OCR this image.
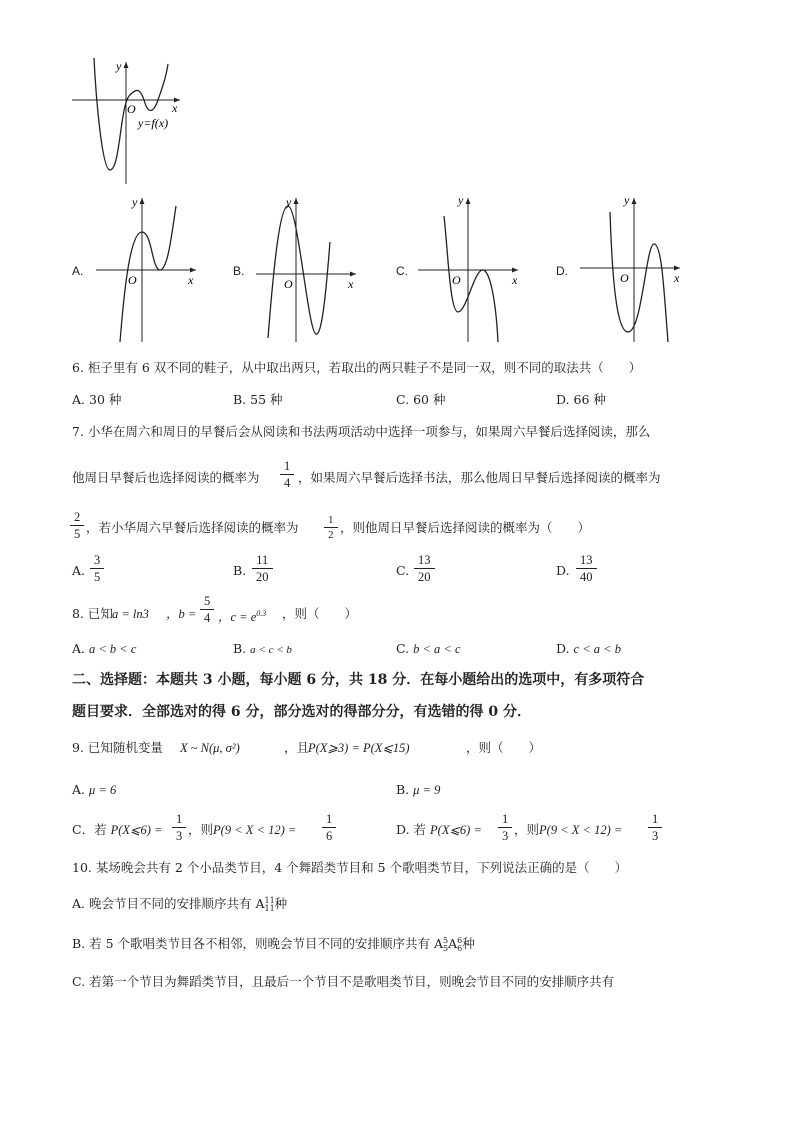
y
x
O
y=f(x)
A.
y
x
O
B.
y
x
O
C.
y
x
O
D.
y
x
O
6. 柜子里有 6 双不同的鞋子，从中取出两只，若取出的两只鞋子不是同一双，则不同的取法共（　　）
A. 30 种	B. 55 种	C. 60 种	D. 66 种
7. 小华在周六和周日的早餐后会从阅读和书法两项活动中选择一项参与，如果周六早餐后选择阅读，那么
他周日早餐后也选择阅读的概率为
1
4 ，如果周六早餐后选择书法，那么他周日早餐后选择阅读的概率为
2
5 ，若小华周六早餐后选择阅读的概率为	1
2 ，则他周日早餐后选择阅读的概率为（　　）
A.
3
5	B.
11
20	C.
13
20	D.
13
40
8. 已知 a = ln3 ，b =
5
4 ，$c = e^{0.3}$ ，则（　　）
A. a < b < c	B. a < c < b	C. b < a < c	D. c < a < b
二、选择题：本题共 3 小题，每小题 6 分，共 18 分．在每小题给出的选项中，有多项符合
题目要求．全部选对的得 6 分，部分选对的得部分分，有选错的得 0 分．
9. 已知随机变量 X ~ N(μ, σ²)	，且
P(X⩾3) = P(X⩽15)	，则（　　）
A. μ = 6	B. μ = 9
C．若 P(X⩽6) =
1
3 ，则P(9 < X < 12) =
1
6	D. 若 P(X⩽6) =
1
3 ，则P(9 < X < 12) =
1
3
10. 某场晚会共有 2 个小品类节目，4 个舞蹈类节目和 5 个歌唱类节目，下列说法正确的是（　　）
A. 晚会节目不同的安排顺序共有 A 11
11 种
B. 若 5 个歌唱类节目各不相邻，则晚会节目不同的安排顺序共有 A 5
5 A 6
6 种
C. 若第一个节目为舞蹈类节目，且最后一个节目不是歌唱类节目，则晚会节目不同的安排顺序共有
